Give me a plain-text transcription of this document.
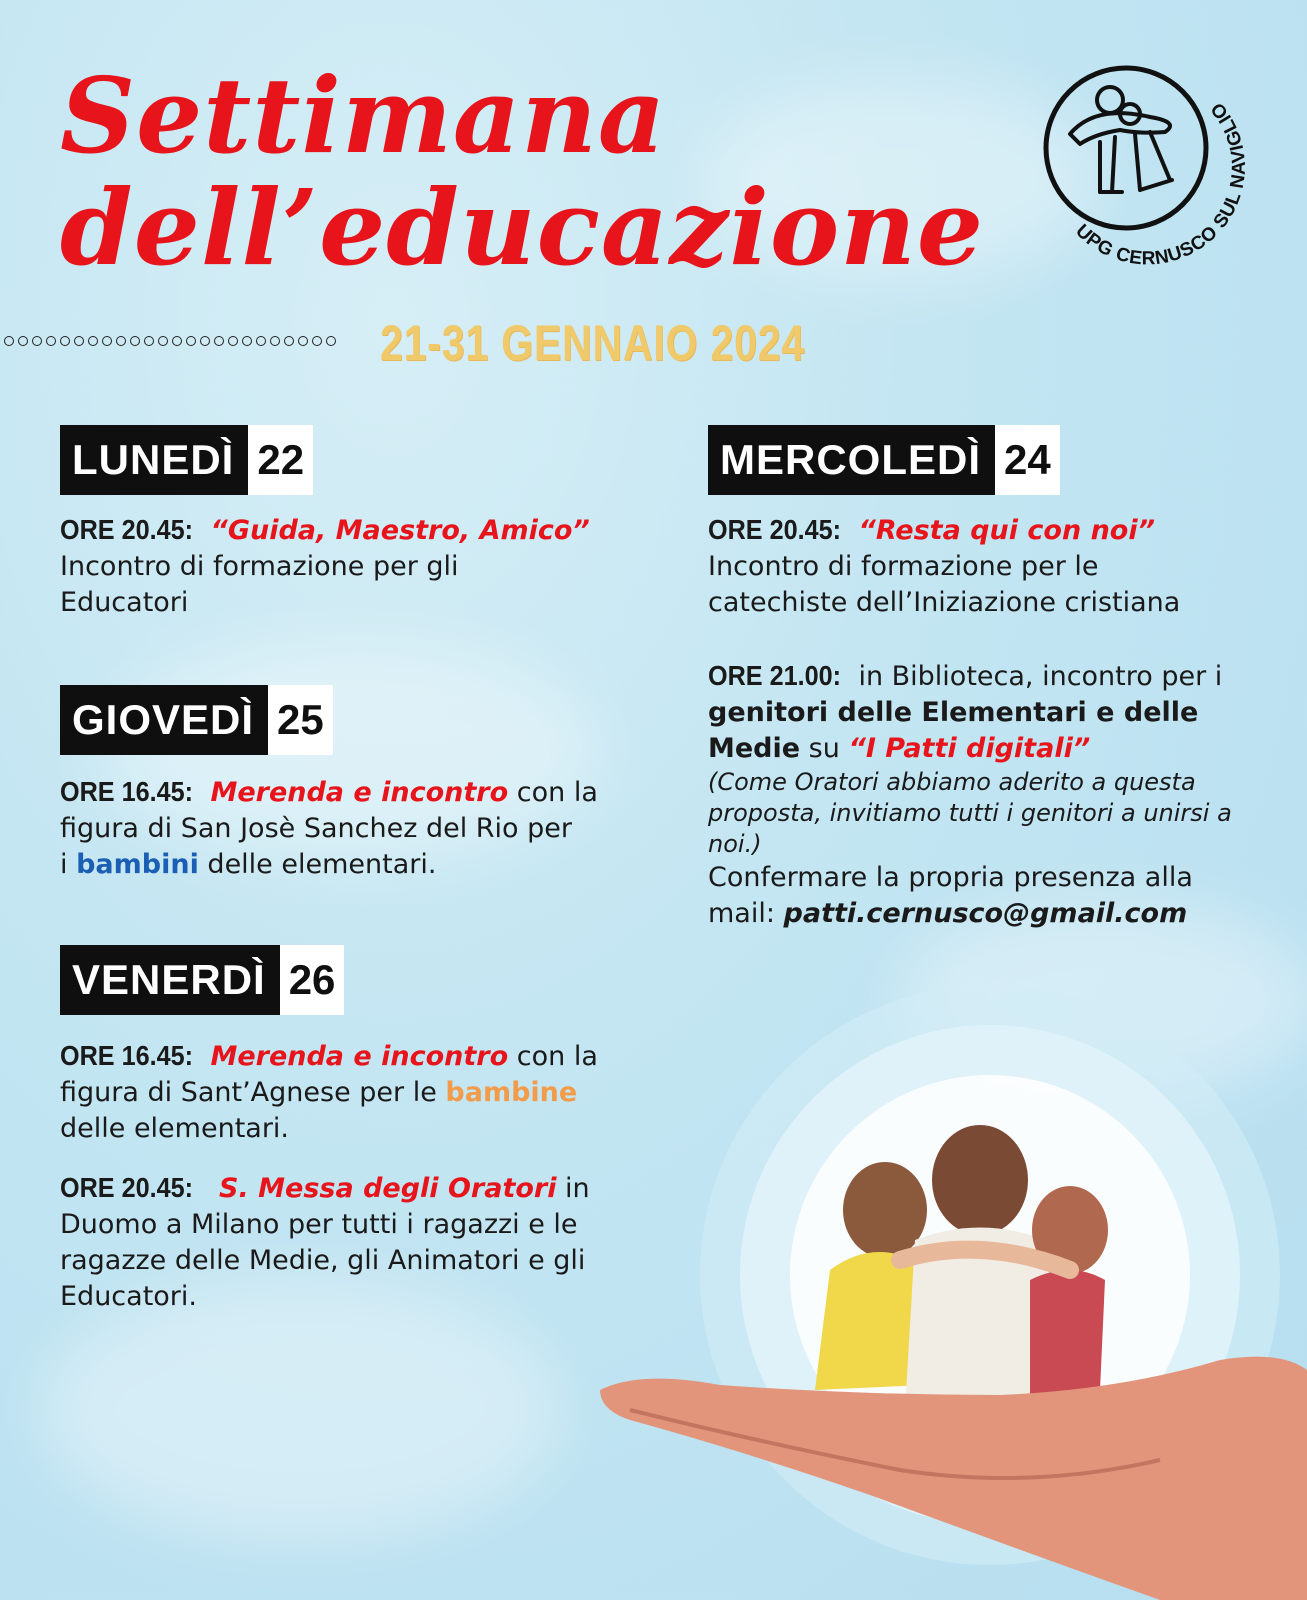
Settimana
dell’educazione
21-31 GENNAIO 2024
UPG CERNUSCO SUL NAVIGLIO
LUNEDÌ 22

ORE 20.45: “Guida, Maestro, Amico”

Incontro di formazione per gli

Educatori

GIOVEDÌ 25

ORE 16.45: Merenda e incontro con la

figura di San Josè Sanchez del Rio per

i bambini delle elementari.

VENERDÌ 26

ORE 16.45: Merenda e incontro con la

figura di Sant’Agnese per le bambine

delle elementari.

ORE 20.45: S. Messa degli Oratori in

Duomo a Milano per tutti i ragazzi e le

ragazze delle Medie, gli Animatori e gli

Educatori.

MERCOLEDÌ 24

ORE 20.45: “Resta qui con noi”

Incontro di formazione per le

catechiste dell’Iniziazione cristiana

ORE 21.00: in Biblioteca, incontro per i

genitori delle Elementari e delle

Medie su “I Patti digitali”

(Come Oratori abbiamo aderito a questa

proposta, invitiamo tutti i genitori a unirsi a

noi.)

Confermare la propria presenza alla

mail: patti.cernusco@gmail.com
